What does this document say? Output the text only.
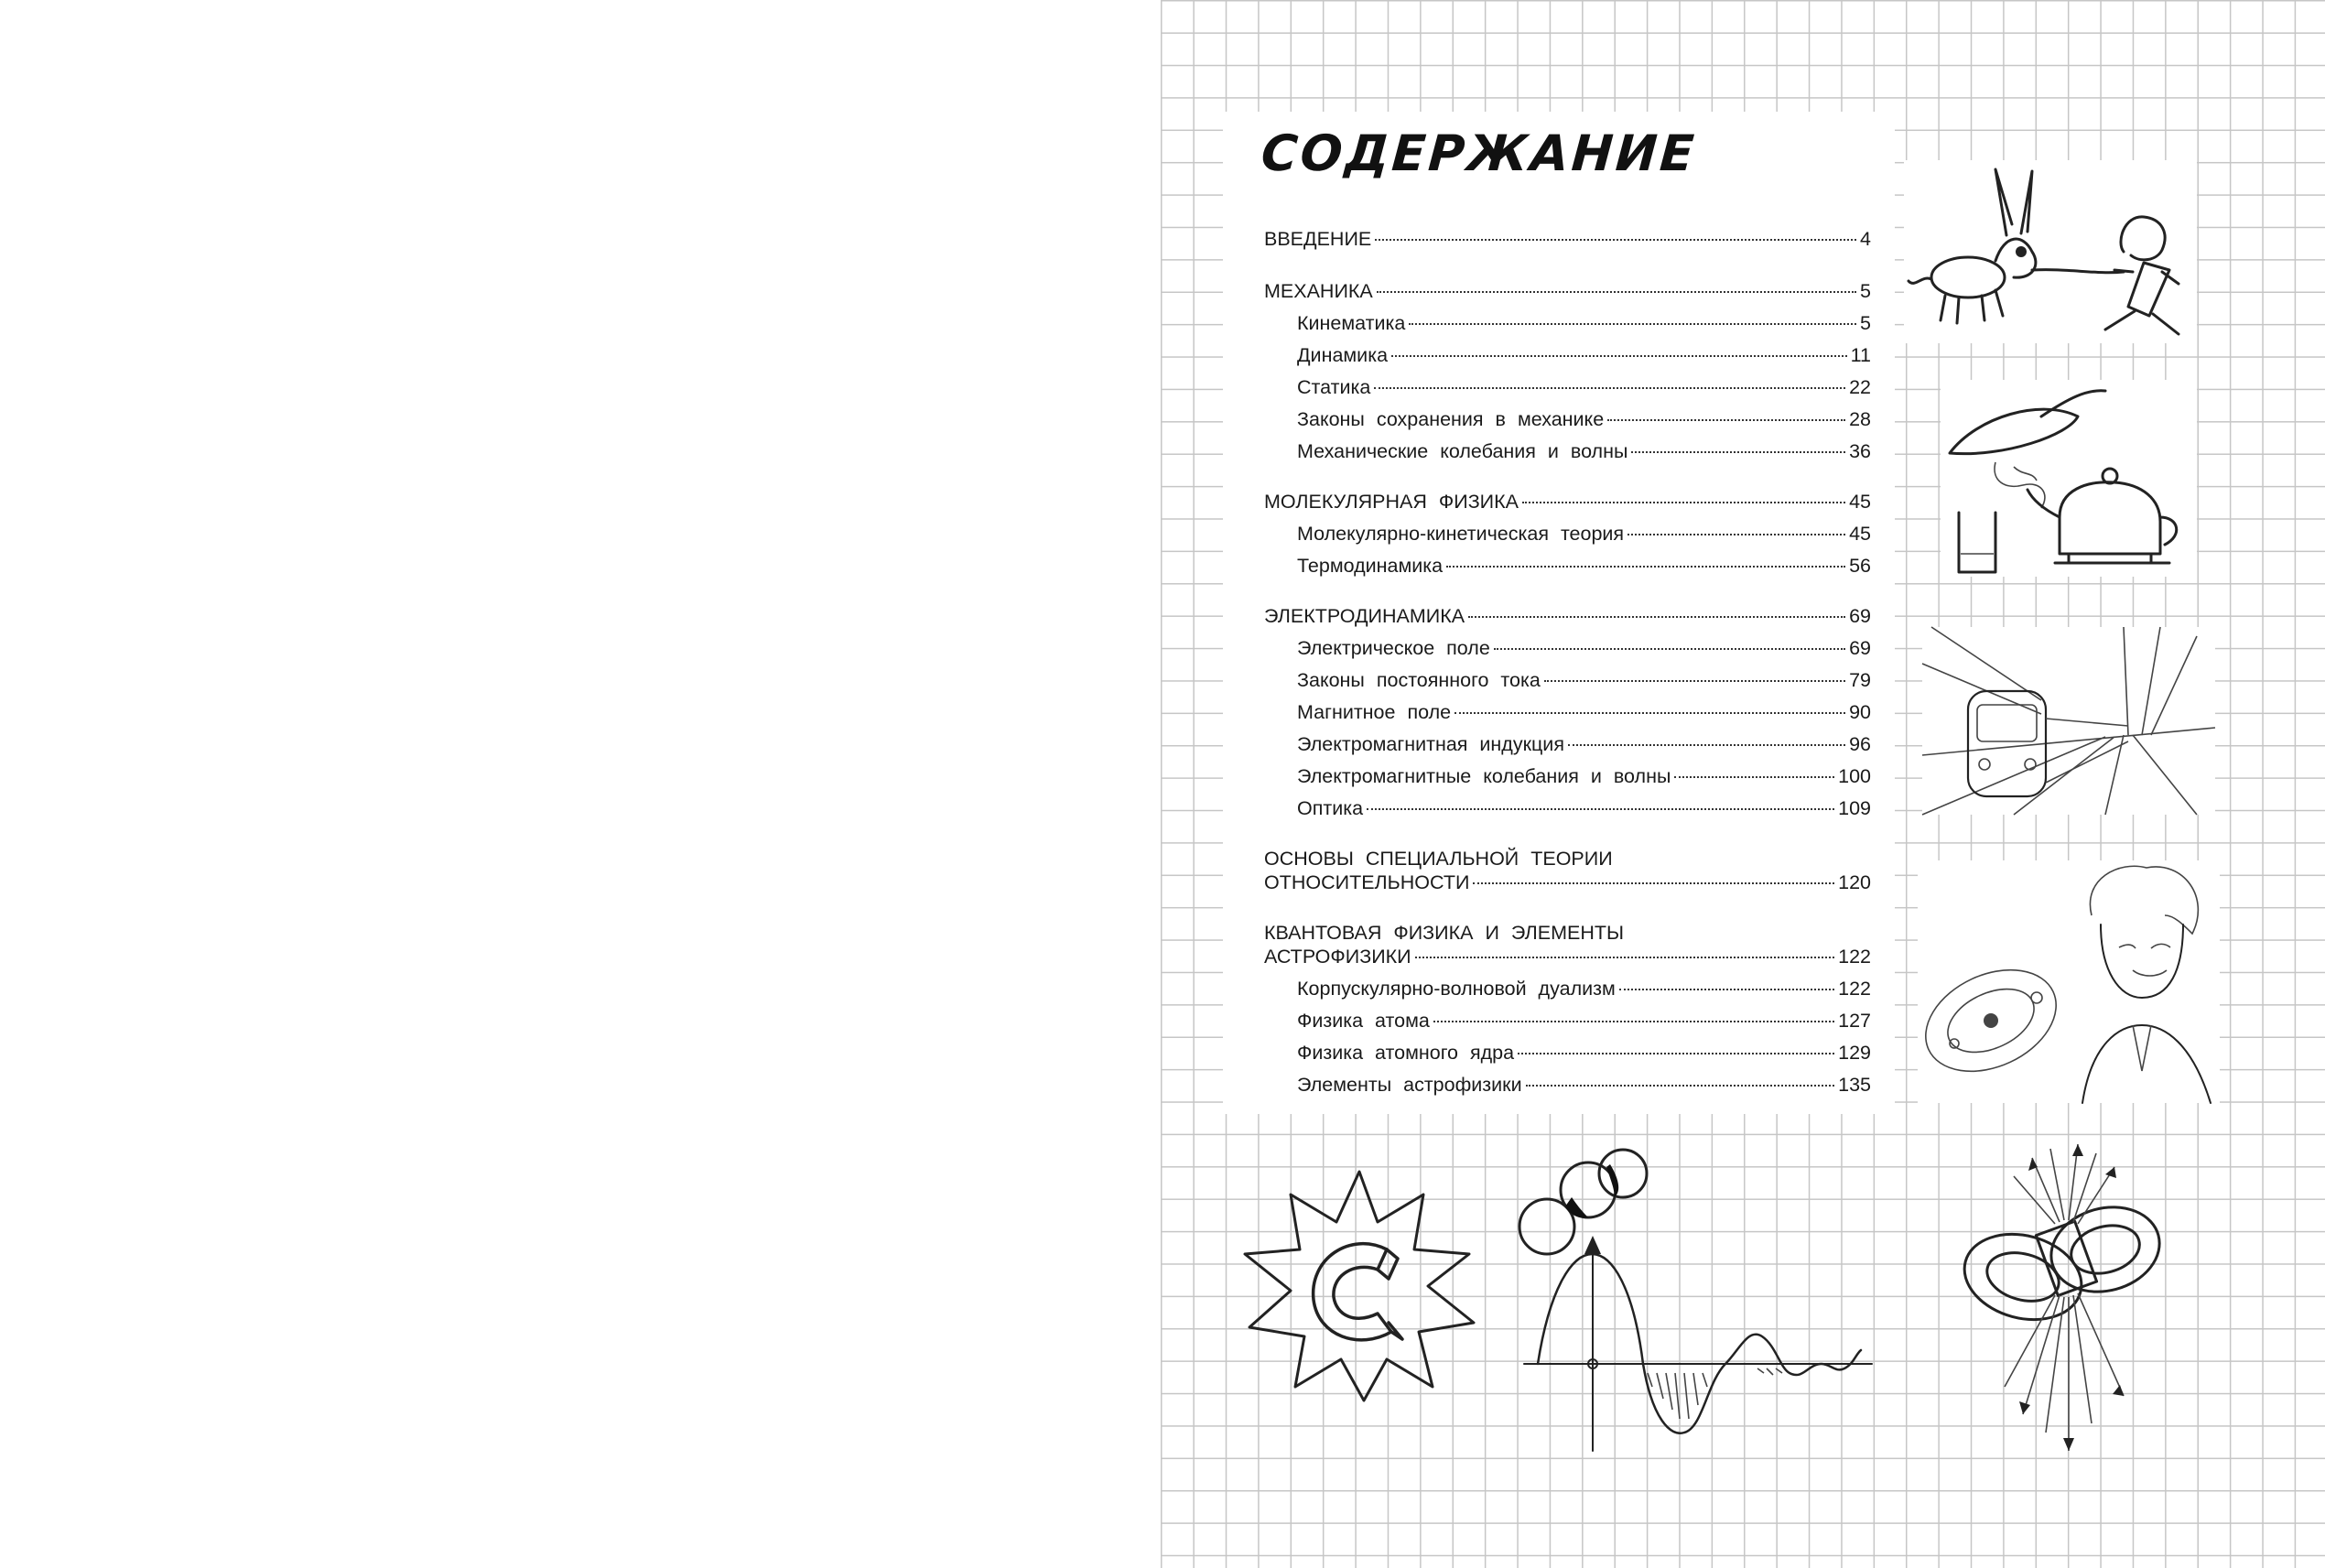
СОДЕРЖАНИЕ
ВВЕДЕНИЕ	4
МЕХАНИКА	5
Кинематика	5
Динамика	11
Статика	22
Законы сохранения в механике	28
Механические колебания и волны	36
МОЛЕКУЛЯРНАЯ ФИЗИКА	45
Молекулярно-кинетическая теория	45
Термодинамика	56
ЭЛЕКТРОДИНАМИКА	69
Электрическое поле	69
Законы постоянного тока	79
Магнитное поле	90
Электромагнитная индукция	96
Электромагнитные колебания и волны	100
Оптика	109
ОСНОВЫ СПЕЦИАЛЬНОЙ ТЕОРИИ
ОТНОСИТЕЛЬНОСТИ	120
КВАНТОВАЯ ФИЗИКА И ЭЛЕМЕНТЫ
АСТРОФИЗИКИ	122
Корпускулярно-волновой дуализм	122
Физика атома	127
Физика атомного ядра	129
Элементы астрофизики	135
